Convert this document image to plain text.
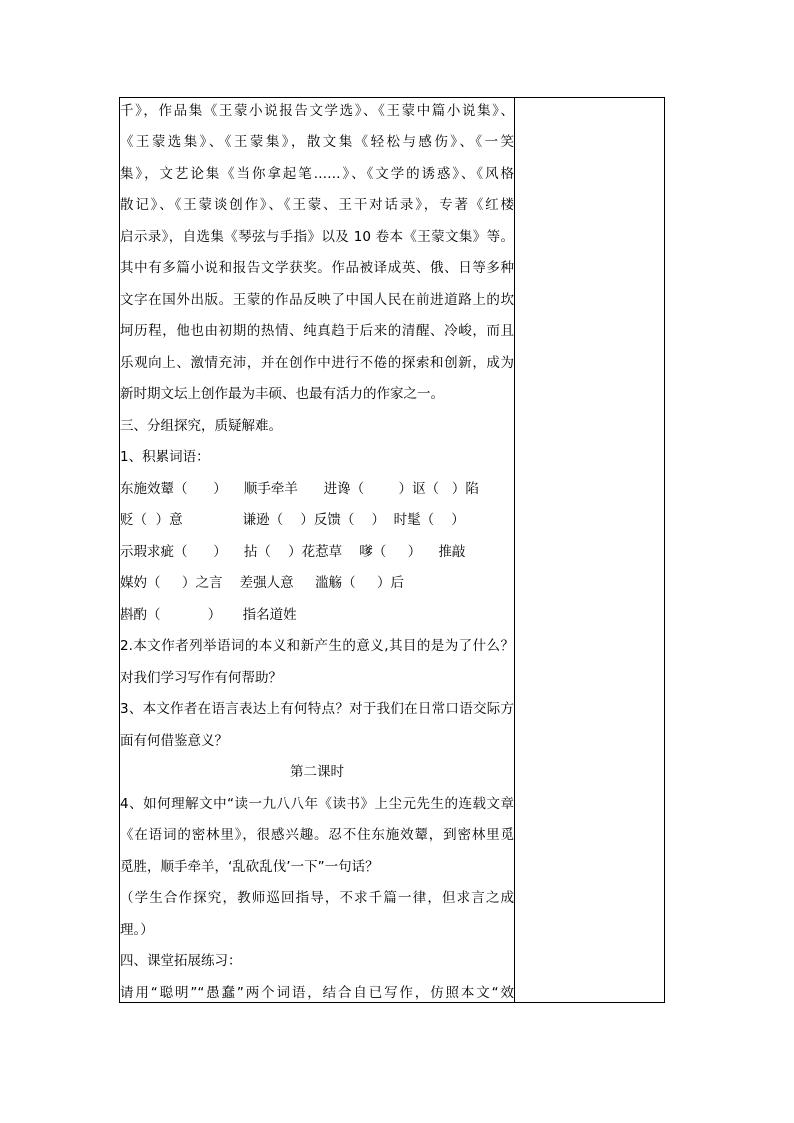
千》，作品集《王蒙小说报告文学选》、《王蒙中篇小说集》、
《王蒙选集》、《王蒙集》，散文集《轻松与感伤》、《一笑
集》，文艺论集《当你拿起笔……》、《文学的诱惑》、《风格
散记》、《王蒙谈创作》、《王蒙、王干对话录》，专著《红楼
启示录》，自选集《琴弦与手指》以及 10 卷本《王蒙文集》等。
其中有多篇小说和报告文学获奖。作品被译成英、俄、日等多种
文字在国外出版。王蒙的作品反映了中国人民在前进道路上的坎
坷历程，他也由初期的热情、纯真趋于后来的清醒、冷峻，而且
乐观向上、激情充沛，并在创作中进行不倦的探索和创新，成为
新时期文坛上创作最为丰硕、也最有活力的作家之一。
三、分组探究，质疑解难。
1、积累词语：
东施效颦（      ）    顺手牵羊      进谗（        ）讴（   ）陷
贬（  ）意              谦逊（    ）反馈（    ）  时髦（    ）
示瑕求疵（      ）    拈（    ）花惹草    嗲（     ）    推敲
媒妁（     ）之言    差强人意     滥觞（     ）后
斟酌（           ）     指名道姓
2.本文作者列举语词的本义和新产生的意义,其目的是为了什么？
对我们学习写作有何帮助？
3、本文作者在语言表达上有何特点？对于我们在日常口语交际方
面有何借鉴意义？
第二课时
4、如何理解文中“读一九八八年《读书》上尘元先生的连载文章
《在语词的密林里》，很感兴趣。忍不住东施效颦，到密林里觅
觅胜，顺手牵羊，‘乱砍乱伐’一下”一句话？
（学生合作探究，教师巡回指导，不求千篇一律，但求言之成
理。）
四、课堂拓展练习：
请用“聪明”“愚蠢”两个词语，结合自已写作，仿照本文“效
